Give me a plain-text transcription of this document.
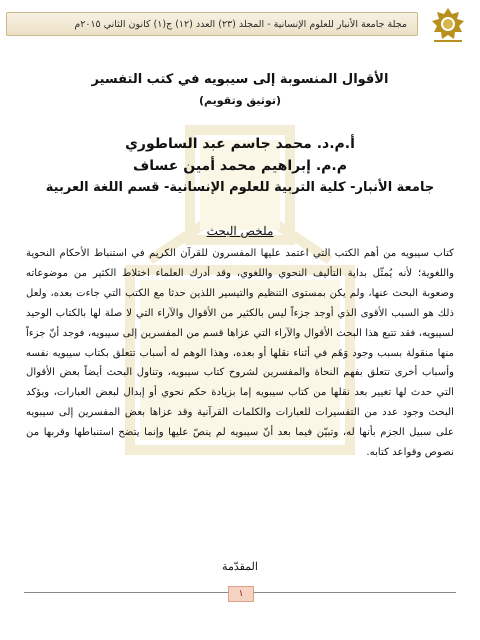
مجلة جامعة الأنبار للعلوم الإنسانية - المجلد (٢٣) العدد (١٢) ج(١) كانون الثاني ٢٠١٥م
الأقوال المنسوبة إلى سيبويه في كتب التفسير
(توثيق وتقويم)
أ.م.د. محمد جاسم عبد الساطوري
م.م. إبراهيم محمد أمين عساف
جامعة الأنبار- كلية التربية للعلوم الإنسانية- قسم اللغة العربية
ملخص البحث

كتاب سيبويه من أهم الكتب التي اعتمد عليها المفسرون للقرآن الكريم في استنباط الأحكام النحوية واللغوية؛ لأنه يُمثّل بداية التأليف النحوي واللغوي، وقد أدرك العلماء اختلاط الكثير من موضوعاته وصعوبة البحث عنها، ولم يكن بمستوى التنظيم والتيسير اللذين حدثا مع الكتب التي جاءت بعده، ولعل ذلك هو السبب الأقوى الذي أوجد جزءاً ليس بالكثير من الأقوال والآراء التي لا صلة لها بالكتاب الوحيد لسيبويه، فقد تتبع هذا البحث الأقوال والآراء التي عزاها قسم من المفسرين إلى سيبويه، فوجد أنّ جزءاً منها منقولة بسبب وجود وَهَم في أثناء نقلها أو بعده، وهذا الوهم له أسباب تتعلق بكتاب سيبويه نفسه وأسباب أخرى تتعلق بفهم النحاة والمفسرين لشروح كتاب سيبويه، وتناول البحث أيضاً بعض الأقوال التي حدث لها تغيير بعد نقلها من كتاب سيبويه إما بزيادة حكم نحوي أو إبدال لبعض العبارات، ويؤكد البحث وجود عدد من التفسيرات للعبارات والكلمات القرآنية وقد عزاها بعض المفسرين إلى سيبويه على سبيل الجزم بأنها له، وتبيّن فيما بعد أنّ سيبويه لم ينصّ عليها وإنما يتضح استنباطها وقربها من نصوص وقواعد كتابه.

المقدّمة
١
